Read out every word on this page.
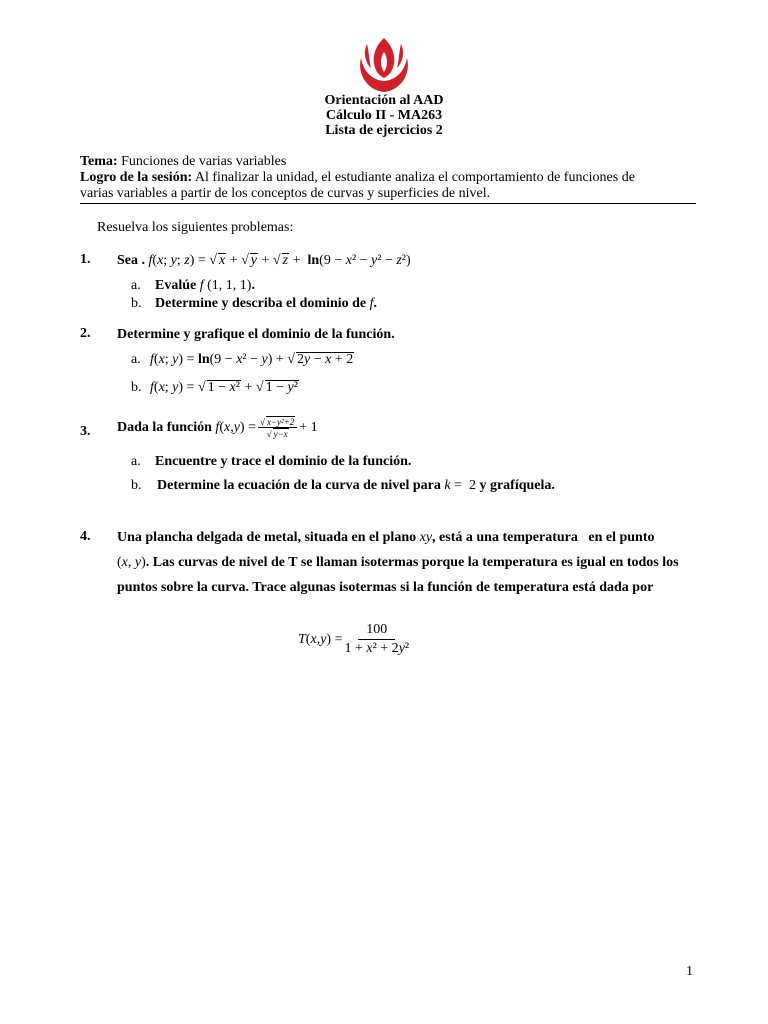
Orientación al AAD
Cálculo II - MA263
Lista de ejercicios 2
Tema: Funciones de varias variables
Logro de la sesión: Al finalizar la unidad, el estudiante analiza el comportamiento de funciones de
varias variables a partir de los conceptos de curvas y superficies de nivel.
Resuelva los siguientes problemas:
1. Sea . f(x; y; z) = √ x + √ y + √ z +  ln(9 − x² − y² − z²)
a. Evalúe f (1, 1, 1).
b. Determine y describa el dominio de f.
2. Determine y grafique el dominio de la función.
a. f(x; y) = ln(9 − x² − y) + √ 2y − x + 2
b. f(x; y) = √ 1 − x² + √ 1 − y²
3. Dada la función
f ( x , y ) = $\frac{\text{√ x−y²+2}}{√ y-x} + 1$
a. Encuentre y trace el dominio de la función.
b. Determine la ecuación de la curva de nivel para k =  2 y grafíquela.
4. Una plancha delgada de metal, situada en el plano xy, está a una temperatura   en el punto
(x, y). Las curvas de nivel de T se llaman isotermas porque la temperatura es igual en todos los
puntos sobre la curva. Trace algunas isotermas si la función de temperatura está dada por
T ( x , y ) = $\frac{100}{\text{1 + x² + 2y²}}$
1
